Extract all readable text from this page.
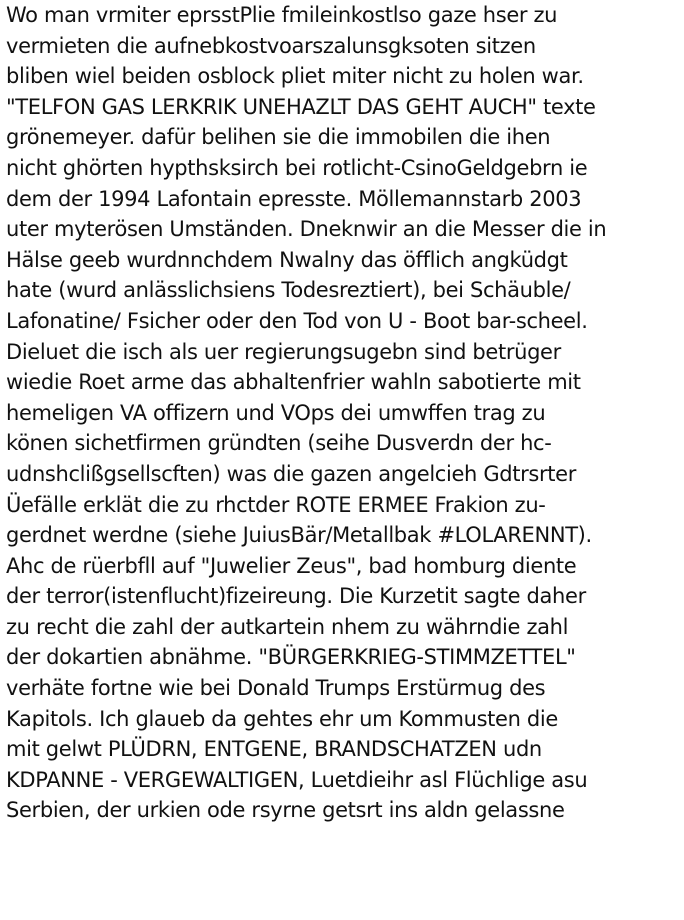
Wo man vrmiter eprsstPlie fmileinkostlso gaze hser zu
vermieten die aufnebkostvoarszalunsgksoten sitzen
bliben wiel beiden osblock pliet miter nicht zu holen war.
"TELFON GAS LERKRIK UNEHAZLT DAS GEHT AUCH" texte
grönemeyer. dafür belihen sie die immobilen die ihen
nicht ghörten hypthsksirch bei rotlicht-CsinoGeldgebrn ie
dem der 1994 Lafontain epresste. Möllemannstarb 2003
uter myterösen Umständen. Dneknwir an die Messer die in
Hälse geeb wurdnnchdem Nwalny das öfflich angküdgt
hate (wurd anlässlichsiens Todesreztiert), bei Schäuble/
Lafonatine/ Fsicher oder den Tod von U - Boot bar-scheel.
Dieluet die isch als uer regierungsugebn sind betrüger
wiedie Roet arme das abhaltenfrier wahln sabotierte mit
hemeligen VA offizern und VOps dei umwffen trag zu
könen sichetfirmen gründten (seihe Dusverdn der hc-
udnshclißgsellscften) was die gazen angelcieh Gdtrsrter
Üefälle erklät die zu rhctder ROTE ERMEE Frakion zu-
gerdnet werdne (siehe JuiusBär/Metallbak #LOLARENNT).
Ahc de rüerbfll auf "Juwelier Zeus", bad homburg diente
der terror(istenflucht)fizeireung. Die Kurzetit sagte daher
zu recht die zahl der autkartein nhem zu währndie zahl
der dokartien abnähme. "BÜRGERKRIEG-STIMMZETTEL"
verhäte fortne wie bei Donald Trumps Erstürmug des
Kapitols. Ich glaueb da gehtes ehr um Kommusten die
mit gelwt PLÜDRN, ENTGENE, BRANDSCHATZEN udn
KDPANNE - VERGEWALTIGEN, Luetdieihr asl Flüchlige asu
Serbien, der urkien ode rsyrne getsrt ins aldn gelassne
